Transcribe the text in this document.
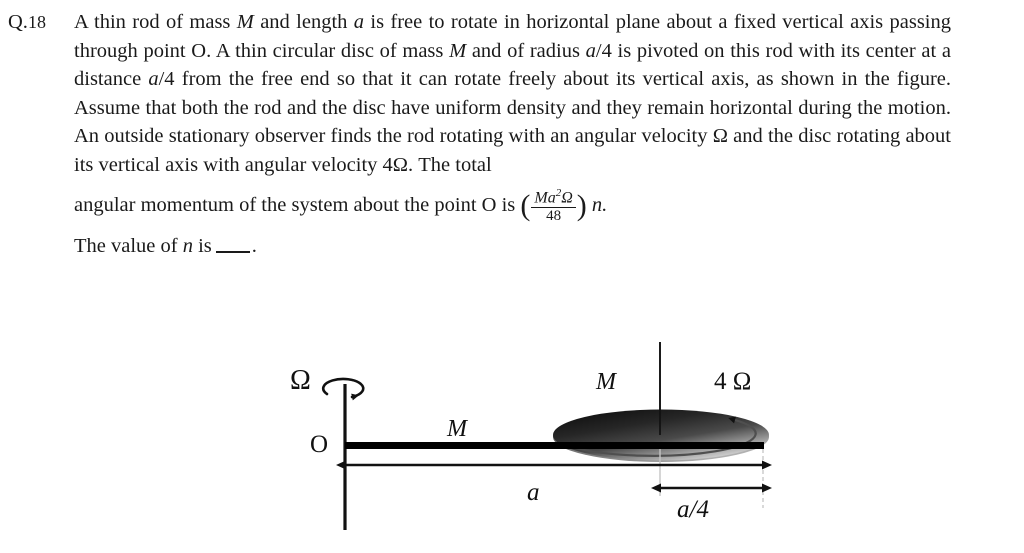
Q.18	A thin rod of mass M and length a is free to rotate in horizontal plane about a fixed vertical axis passing through point O. A thin circular disc of mass M and of radius a/4 is pivoted on this rod with its center at a distance a/4 from the free end so that it can rotate freely about its vertical axis, as shown in the figure. Assume that both the rod and the disc have uniform density and they remain horizontal during the motion. An outside stationary observer finds the rod rotating with an angular velocity Ω and the disc rotating about its vertical axis with angular velocity 4Ω. The total

angular momentum of the system about the point O is ( $\frac{Ma^2\Omega}{48}$ ) n.

The value of n is .

Ω
O
M
M	4 Ω
a
a/4
